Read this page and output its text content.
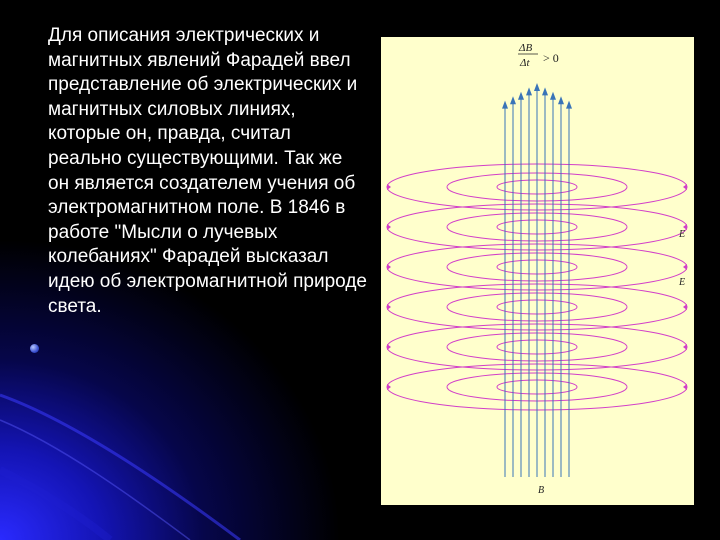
Для описания электрических и магнитных явлений Фарадей ввел представление об электрических и магнитных силовых линиях, которые он, правда, считал реально существующими. Так же он является создателем учения об электромагнитном поле. В 1846 в работе "Мысли о лучевых колебаниях" Фарадей высказал идею об электромагнитной природе света.

ΔB
Δt > 0
E
E
B
